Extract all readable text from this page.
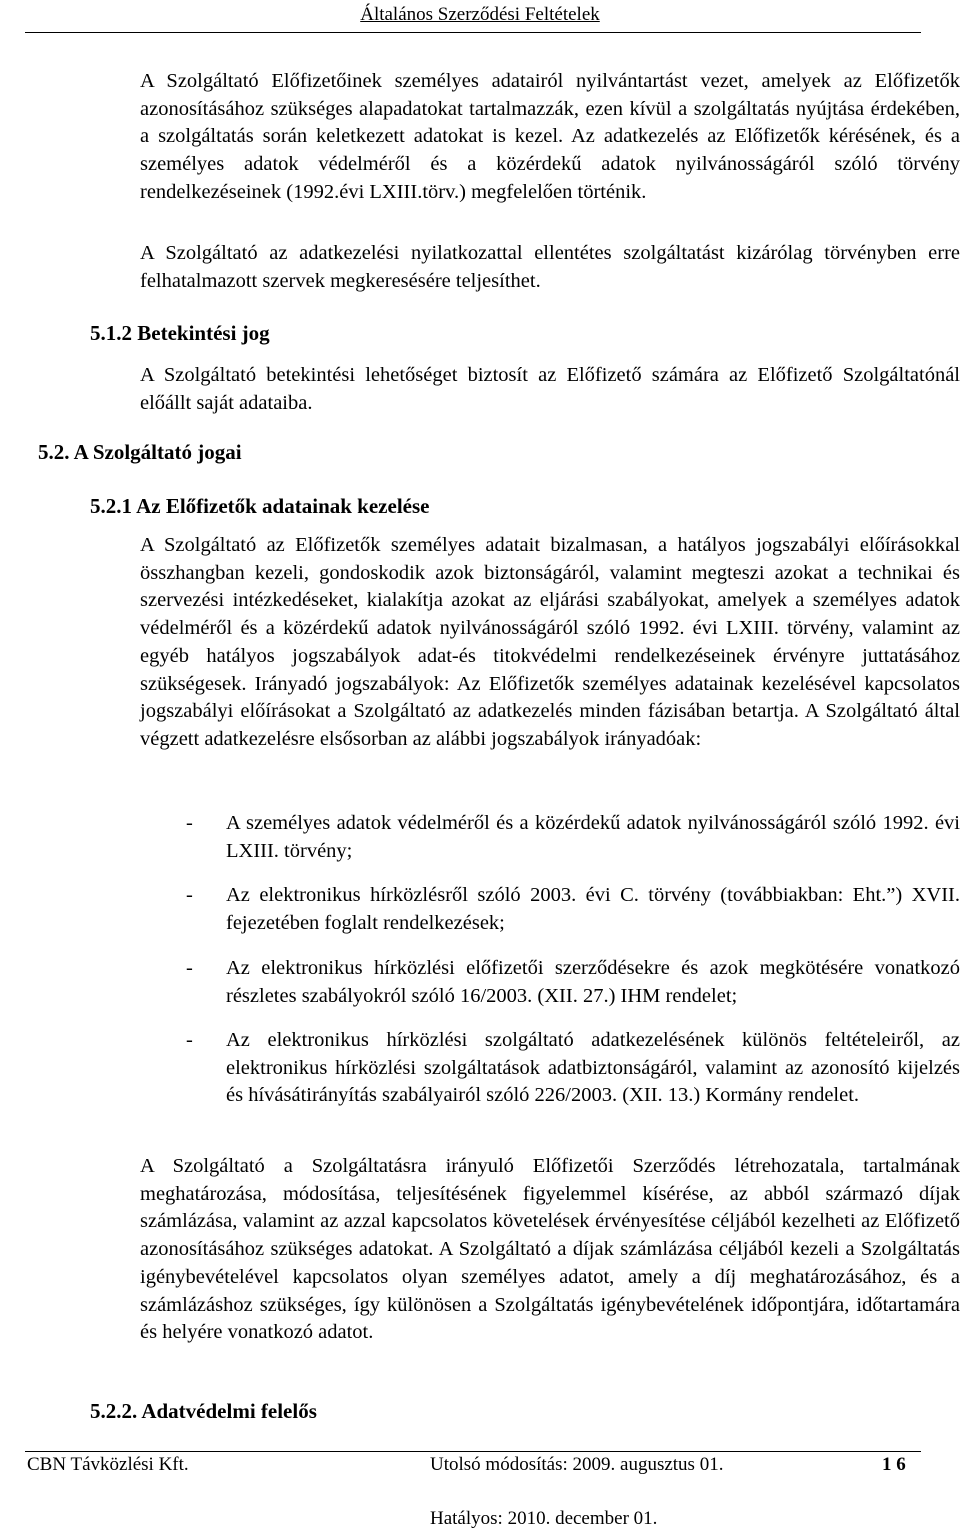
Általános Szerződési Feltételek
A Szolgáltató Előfizetőinek személyes adatairól nyilvántartást vezet, amelyek az Előfizetők azonosításához szükséges alapadatokat tartalmazzák, ezen kívül a szolgáltatás nyújtása érdekében, a szolgáltatás során keletkezett adatokat is kezel. Az adatkezelés az Előfizetők kérésének, és a személyes adatok védelméről és a közérdekű adatok nyilvánosságáról szóló törvény rendelkezéseinek (1992.évi LXIII.törv.) megfelelően történik.
A Szolgáltató az adatkezelési nyilatkozattal ellentétes szolgáltatást kizárólag törvényben erre felhatalmazott szervek megkeresésére teljesíthet.
5.1.2 Betekintési jog
A Szolgáltató betekintési lehetőséget biztosít az Előfizető számára az Előfizető Szolgáltatónál előállt saját adataiba.
5.2. A Szolgáltató jogai
5.2.1 Az Előfizetők adatainak kezelése
A Szolgáltató az Előfizetők személyes adatait bizalmasan, a hatályos jogszabályi előírásokkal összhangban kezeli, gondoskodik azok biztonságáról, valamint megteszi azokat a technikai és szervezési intézkedéseket, kialakítja azokat az eljárási szabályokat, amelyek a személyes adatok védelméről és a közérdekű adatok nyilvánosságáról szóló 1992. évi LXIII. törvény, valamint az egyéb hatályos jogszabályok adat-és titokvédelmi rendelkezéseinek érvényre juttatásához szükségesek. Irányadó jogszabályok: Az Előfizetők személyes adatainak kezelésével kapcsolatos jogszabályi előírásokat a Szolgáltató az adatkezelés minden fázisában betartja. A Szolgáltató által végzett adatkezelésre elsősorban az alábbi jogszabályok irányadóak:
- A személyes adatok védelméről és a közérdekű adatok nyilvánosságáról szóló 1992. évi LXIII. törvény;
- Az elektronikus hírközlésről szóló 2003. évi C. törvény (továbbiakban: Eht.”) XVII. fejezetében foglalt rendelkezések;
- Az elektronikus hírközlési előfizetői szerződésekre és azok megkötésére vonatkozó részletes szabályokról szóló 16/2003. (XII. 27.) IHM rendelet;
- Az elektronikus hírközlési szolgáltató adatkezelésének különös feltételeiről, az elektronikus hírközlési szolgáltatások adatbiztonságáról, valamint az azonosító kijelzés és hívásátirányítás szabályairól szóló 226/2003. (XII. 13.) Kormány rendelet.
A Szolgáltató a Szolgáltatásra irányuló Előfizetői Szerződés létrehozatala, tartalmának meghatározása, módosítása, teljesítésének figyelemmel kísérése, az abból származó díjak számlázása, valamint az azzal kapcsolatos követelések érvényesítése céljából kezelheti az Előfizető azonosításához szükséges adatokat. A Szolgáltató a díjak számlázása céljából kezeli a Szolgáltatás igénybevételével kapcsolatos olyan személyes adatot, amely a díj meghatározásához, és a számlázáshoz szükséges, így különösen a Szolgáltatás igénybevételének időpontjára, időtartamára és helyére vonatkozó adatot.
5.2.2. Adatvédelmi felelős
CBN Távközlési Kft.	Utolsó módosítás: 2009. augusztus 01.	1 6
Hatályos: 2010. december 01.
